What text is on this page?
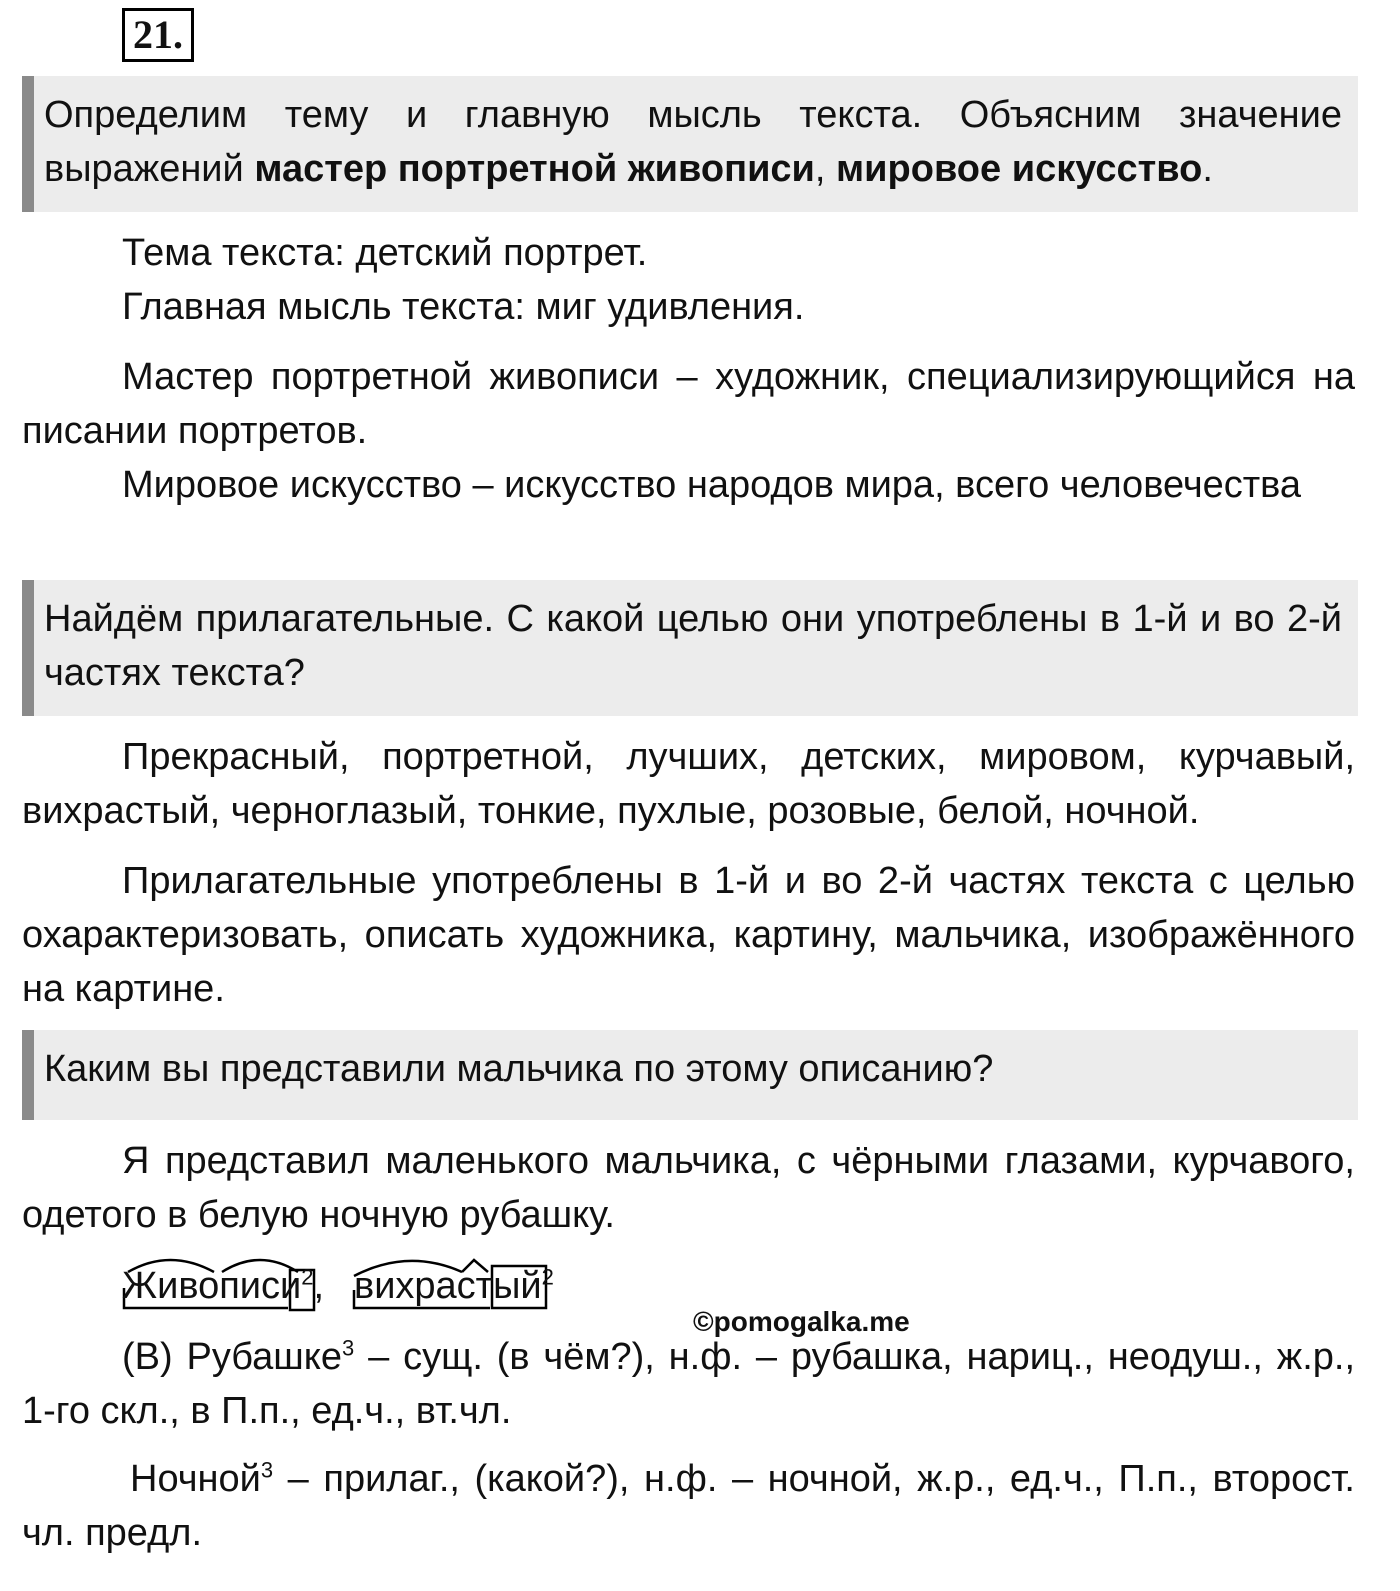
21.
Определим тему и главную мысль текста. Объясним значение выражений мастер портретной живописи, мировое искусство.
Тема текста: детский портрет.
Главная мысль текста: миг удивления.
Мастер портретной живописи – художник, специализирующийся на писании портретов.
Мировое искусство – искусство народов мира, всего человечества
Найдём прилагательные. С какой целью они употреблены в 1-й и во 2-й частях текста?
Прекрасный, портретной, лучших, детских, мировом, курчавый, вихрастый, черноглазый, тонкие, пухлые, розовые, белой, ночной.
Прилагательные употреблены в 1-й и во 2-й частях текста с целью охарактеризовать, описать художника, картину, мальчика, изображённого на картине.
Каким вы представили мальчика по этому описанию?
Я представил маленького мальчика, с чёрными глазами, курчавого, одетого в белую ночную рубашку.
Живописи$^2$, вихрастый$^2$
©pomogalka.me
(В) Рубашке$^3$ – сущ. (в чём?), н.ф. – рубашка, нариц., неодуш., ж.р., 1-го скл., в П.п., ед.ч., вт.чл.
Ночной$^3$ – прилаг., (какой?), н.ф. – ночной, ж.р., ед.ч., П.п., второст. чл. предл.
